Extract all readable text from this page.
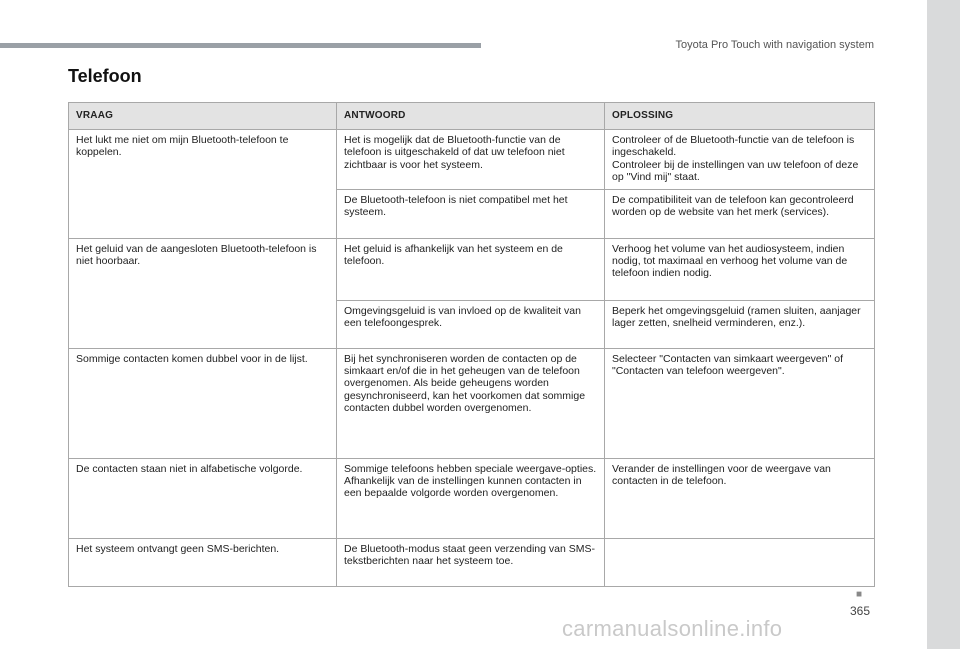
Toyota Pro Touch with navigation system
Telefoon
VRAAG	ANTWOORD	OPLOSSING
Het lukt me niet om mijn Bluetooth-telefoon te koppelen.	Het is mogelijk dat de Bluetooth-functie van de telefoon is uitgeschakeld of dat uw telefoon niet zichtbaar is voor het systeem.	Controleer of de Bluetooth-functie van de telefoon is ingeschakeld.
Controleer bij de instellingen van uw telefoon of deze op "Vind mij" staat.
	De Bluetooth-telefoon is niet compatibel met het systeem.	De compatibiliteit van de telefoon kan gecontroleerd worden op de website van het merk (services).
Het geluid van de aangesloten Bluetooth-telefoon is niet hoorbaar.	Het geluid is afhankelijk van het systeem en de telefoon.	Verhoog het volume van het audiosysteem, indien nodig, tot maximaal en verhoog het volume van de telefoon indien nodig.
	Omgevingsgeluid is van invloed op de kwaliteit van een telefoongesprek.	Beperk het omgevingsgeluid (ramen sluiten, aanjager lager zetten, snelheid verminderen, enz.).
Sommige contacten komen dubbel voor in de lijst.	Bij het synchroniseren worden de contacten op de simkaart en/of die in het geheugen van de telefoon overgenomen. Als beide geheugens worden gesynchroniseerd, kan het voorkomen dat sommige contacten dubbel worden overgenomen.	Selecteer "Contacten van simkaart weergeven" of "Contacten van telefoon weergeven".
De contacten staan niet in alfabetische volgorde.	Sommige telefoons hebben speciale weergave-opties. Afhankelijk van de instellingen kunnen contacten in een bepaalde volgorde worden overgenomen.	Verander de instellingen voor de weergave van contacten in de telefoon.
Het systeem ontvangt geen SMS-berichten.	De Bluetooth-modus staat geen verzending van SMS-tekstberichten naar het systeem toe.	
■
365
carmanualsonline.info
